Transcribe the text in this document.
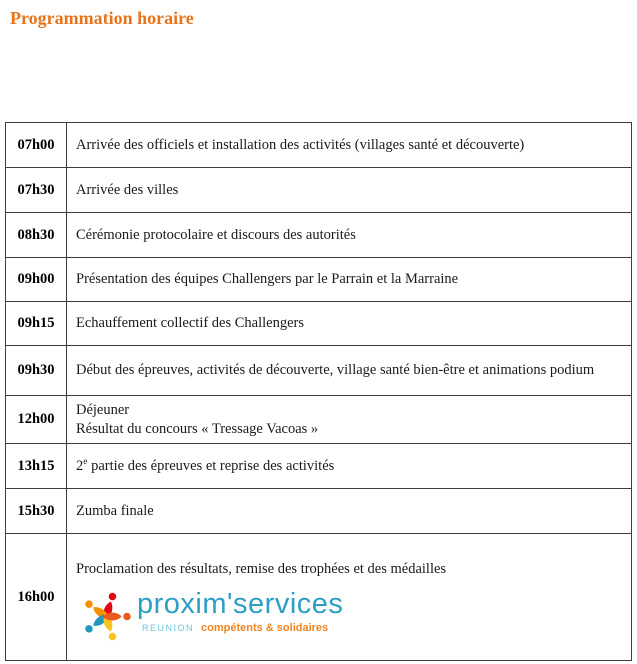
Programmation horaire
07h00	Arrivée des officiels et installation des activités (villages santé et découverte)

07h30	Arrivée des villes

08h30	Cérémonie protocolaire et discours des autorités

09h00	Présentation des équipes Challengers par le Parrain et la Marraine

09h15	Echauffement collectif des Challengers

09h30	Début des épreuves, activités de découverte, village santé bien-être et animations podium

12h00	Déjeuner
Résultat du concours « Tressage Vacoas »

13h15	2e partie des épreuves et reprise des activités
15h30	Zumba finale

16h00	Proclamation des résultats, remise des trophées et des médailles
proxim'services
REUNION compétents & solidaires
